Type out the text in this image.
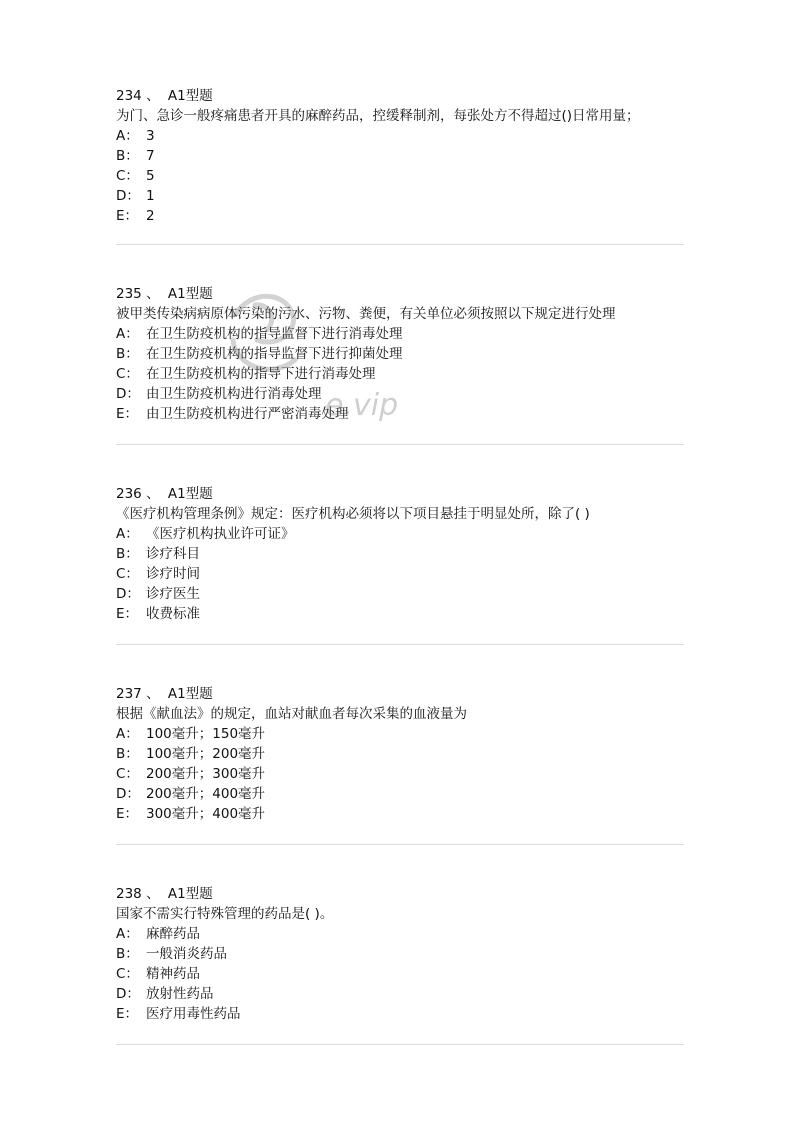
234 、 A1型题
为门、急诊一般疼痛患者开具的麻醉药品，控缓释制剂，每张处方不得超过()日常用量；
A： 3
B： 7
C： 5
D： 1
E： 2
235 、 A1型题
被甲类传染病病原体污染的污水、污物、粪便，有关单位必须按照以下规定进行处理
A： 在卫生防疫机构的指导监督下进行消毒处理
B： 在卫生防疫机构的指导监督下进行抑菌处理
C： 在卫生防疫机构的指导下进行消毒处理
D： 由卫生防疫机构进行消毒处理
E： 由卫生防疫机构进行严密消毒处理
236 、 A1型题
《医疗机构管理条例》规定：医疗机构必须将以下项目悬挂于明显处所，除了( )
A： 《医疗机构执业许可证》
B： 诊疗科目
C： 诊疗时间
D： 诊疗医生
E： 收费标准
237 、 A1型题
根据《献血法》的规定，血站对献血者每次采集的血液量为
A： 100毫升；150毫升
B： 100毫升；200毫升
C： 200毫升；300毫升
D： 200毫升；400毫升
E： 300毫升；400毫升
238 、 A1型题
国家不需实行特殊管理的药品是( )。
A： 麻醉药品
B： 一般消炎药品
C： 精神药品
D： 放射性药品
E： 医疗用毒性药品
e.vip
